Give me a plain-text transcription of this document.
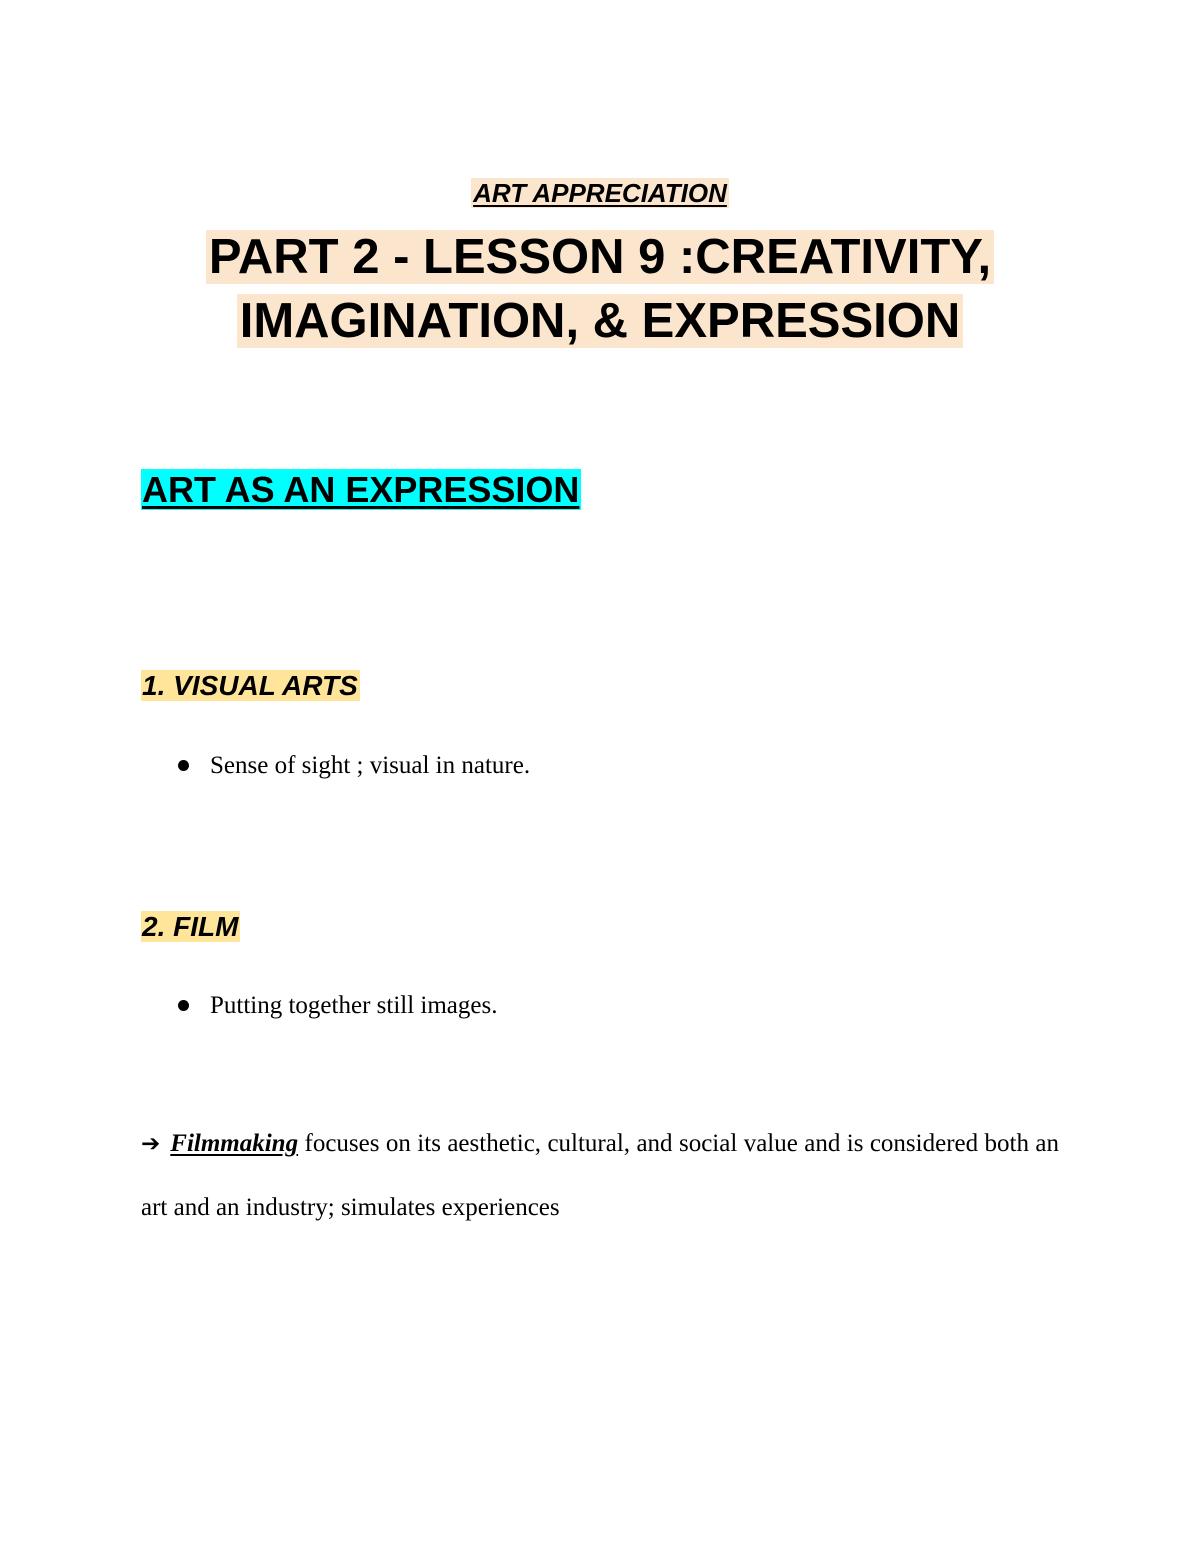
ART APPRECIATION
PART 2 - LESSON 9 :CREATIVITY,
IMAGINATION, & EXPRESSION
ART AS AN EXPRESSION
1. VISUAL ARTS
Sense of sight ; visual in nature.
2. FILM
Putting together still images.
➔ Filmmaking focuses on its aesthetic, cultural, and social value and is considered both an art and an industry; simulates experiences
